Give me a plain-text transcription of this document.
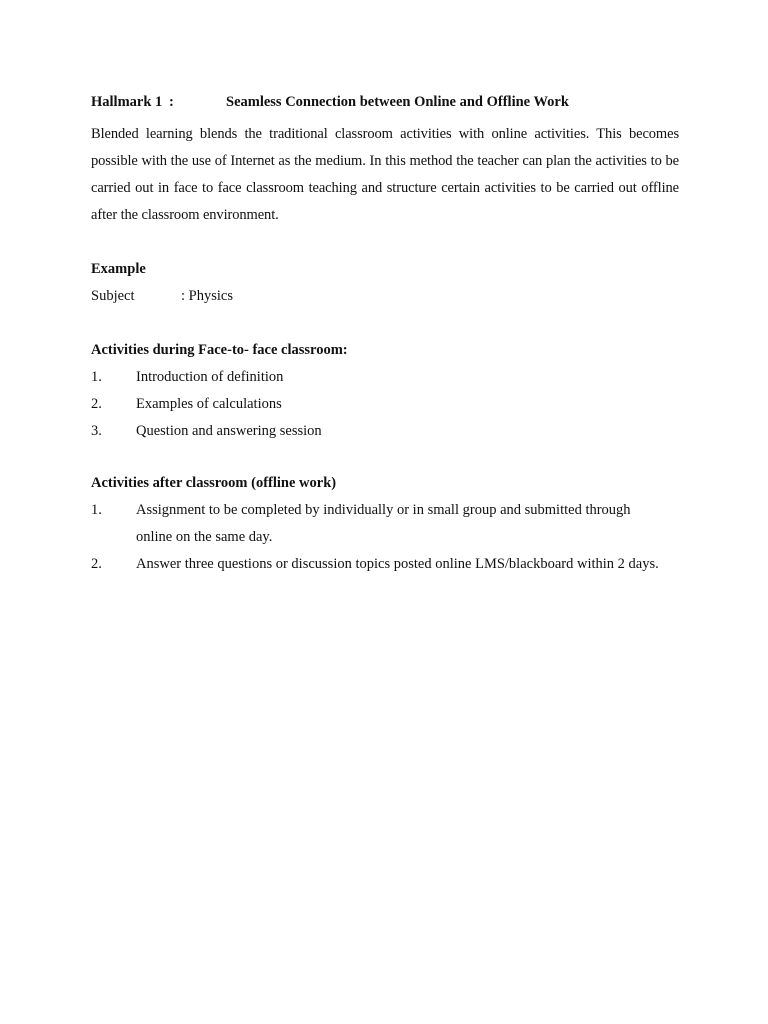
Hallmark 1 :	Seamless Connection between Online and Offline Work
Blended learning blends the traditional classroom activities with online activities. This becomes possible with the use of Internet as the medium. In this method the teacher can plan the activities to be carried out in face to face classroom teaching and structure certain activities to be carried out offline after the classroom environment.
Example
Subject	: Physics
Activities during Face-to- face classroom:
1.	Introduction of definition
2.	Examples of calculations
3.	Question and answering session
Activities after classroom (offline work)
1.	Assignment to be completed by individually or in small group and submitted through online on the same day.
2.	Answer three questions or discussion topics posted online LMS/blackboard within 2 days.
